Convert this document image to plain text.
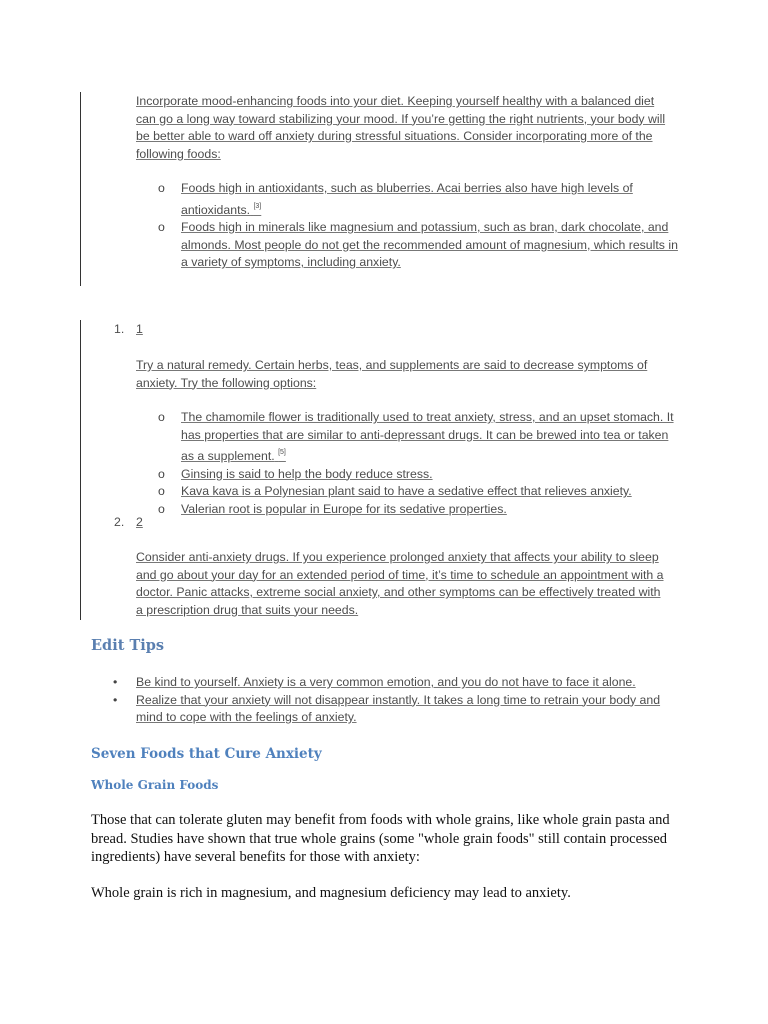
Incorporate mood-enhancing foods into your diet. Keeping yourself healthy with a balanced diet can go a long way toward stabilizing your mood. If you’re getting the right nutrients, your body will be better able to ward off anxiety during stressful situations. Consider incorporating more of the following foods:
o Foods high in antioxidants, such as bluberries. Acai berries also have high levels of antioxidants. [3]
o Foods high in minerals like magnesium and potassium, such as bran, dark chocolate, and almonds. Most people do not get the recommended amount of magnesium, which results in a variety of symptoms, including anxiety.
1. 1
Try a natural remedy. Certain herbs, teas, and supplements are said to decrease symptoms of anxiety. Try the following options:
o The chamomile flower is traditionally used to treat anxiety, stress, and an upset stomach. It has properties that are similar to anti-depressant drugs. It can be brewed into tea or taken as a supplement. [5]
o Ginsing is said to help the body reduce stress.
o Kava kava is a Polynesian plant said to have a sedative effect that relieves anxiety.
o Valerian root is popular in Europe for its sedative properties.
2. 2
Consider anti-anxiety drugs. If you experience prolonged anxiety that affects your ability to sleep and go about your day for an extended period of time, it’s time to schedule an appointment with a doctor. Panic attacks, extreme social anxiety, and other symptoms can be effectively treated with a prescription drug that suits your needs.
Edit Tips
• Be kind to yourself. Anxiety is a very common emotion, and you do not have to face it alone.
• Realize that your anxiety will not disappear instantly. It takes a long time to retrain your body and mind to cope with the feelings of anxiety.
Seven Foods that Cure Anxiety
Whole Grain Foods
Those that can tolerate gluten may benefit from foods with whole grains, like whole grain pasta and bread. Studies have shown that true whole grains (some "whole grain foods" still contain processed ingredients) have several benefits for those with anxiety:
Whole grain is rich in magnesium, and magnesium deficiency may lead to anxiety.
